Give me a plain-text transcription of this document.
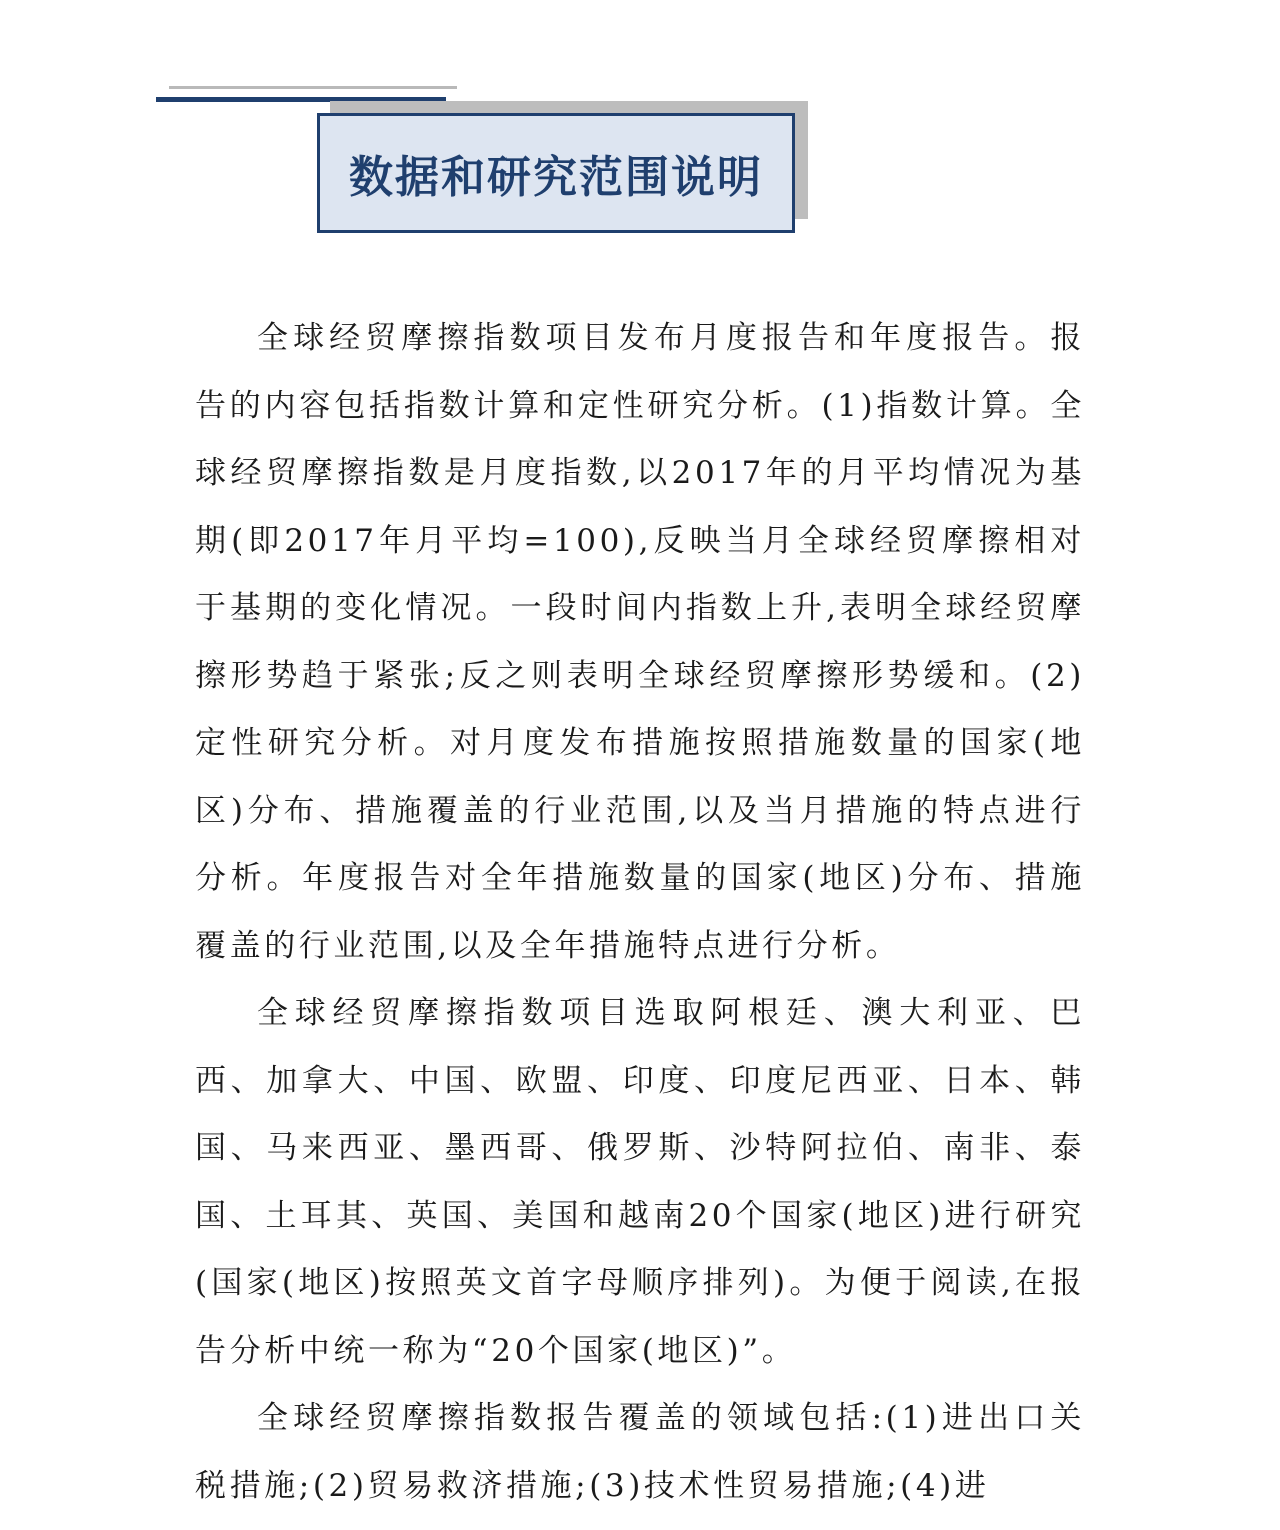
数据和研究范围说明

全球经贸摩擦指数项目发布月度报告和年度报告。报告的内容包括指数计算和定性研究分析。(1)指数计算。全球经贸摩擦指数是月度指数,以2017年的月平均情况为基期(即2017年月平均=100),反映当月全球经贸摩擦相对于基期的变化情况。一段时间内指数上升,表明全球经贸摩擦形势趋于紧张;反之则表明全球经贸摩擦形势缓和。(2)定性研究分析。对月度发布措施按照措施数量的国家(地区)分布、措施覆盖的行业范围,以及当月措施的特点进行分析。年度报告对全年措施数量的国家(地区)分布、措施覆盖的行业范围,以及全年措施特点进行分析。

全球经贸摩擦指数项目选取阿根廷、澳大利亚、巴西、加拿大、中国、欧盟、印度、印度尼西亚、日本、韩国、马来西亚、墨西哥、俄罗斯、沙特阿拉伯、南非、泰国、土耳其、英国、美国和越南20个国家(地区)进行研究(国家(地区)按照英文首字母顺序排列)。为便于阅读,在报告分析中统一称为“20个国家(地区)”。

全球经贸摩擦指数报告覆盖的领域包括:(1)进出口关税措施;(2)贸易救济措施;(3)技术性贸易措施;(4)进
